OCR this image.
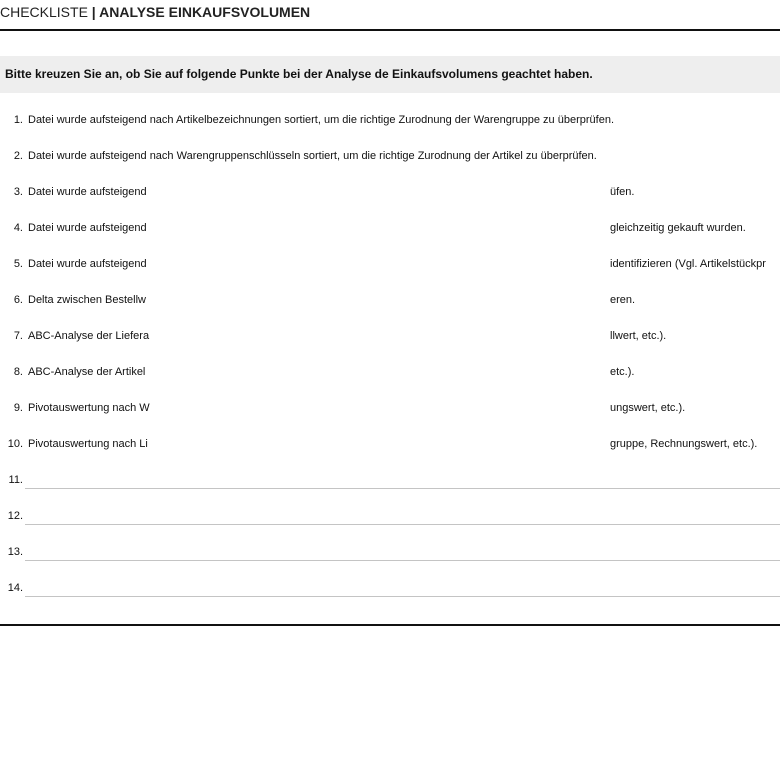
CHECKLISTE | ANALYSE EINKAUFSVOLUMEN
Bitte kreuzen Sie an, ob Sie auf folgende Punkte bei der Analyse de Einkaufsvolumens geachtet haben.
1. Datei wurde aufsteigend nach Artikelbezeichnungen sortiert, um die richtige Zurodnung der Warengruppe zu überprüfen.
2. Datei wurde aufsteigend nach Warengruppenschlüsseln sortiert, um die richtige Zurodnung der Artikel zu überprüfen.
3. Datei wurde aufsteigend	üfen.
4. Datei wurde aufsteigend	gleichzeitig gekauft wurden.
5. Datei wurde aufsteigend	identifizieren (Vgl. Artikelstückpr
6. Delta zwischen Bestellw	eren.
7. ABC-Analyse der Liefera	llwert, etc.).
8. ABC-Analyse der Artikel	etc.).
9. Pivotauswertung nach W	ungswert, etc.).
10. Pivotauswertung nach Li	gruppe, Rechnungswert, etc.).
11.
12.
13.
14.
